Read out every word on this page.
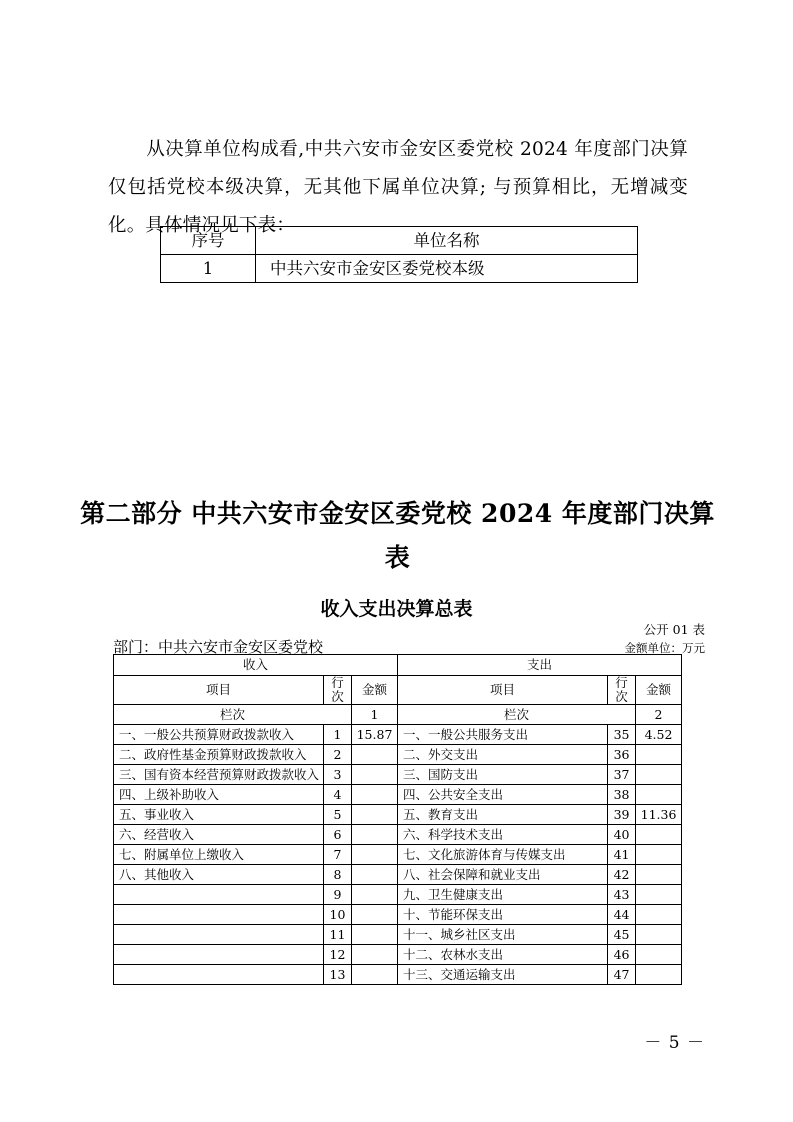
从决算单位构成看,中共六安市金安区委党校 2024 年度部门决算仅包括党校本级决算，无其他下属单位决算; 与预算相比，无增减变化。具体情况见下表：

序号	单位名称
1	中共六安市金安区委党校本级
第二部分 中共六安市金安区委党校 2024 年度部门决算
表
收入支出决算总表
公开 01 表
部门：中共六安市金安区委党校	金额单位：万元
收入			支出		
项目	行次	金额	项目	行次	金额
栏次		1	栏次		2
一、一般公共预算财政拨款收入	1	15.87	一、一般公共服务支出	35	4.52
二、政府性基金预算财政拨款收入	2		二、外交支出	36	
三、国有资本经营预算财政拨款收入	3		三、国防支出	37	
四、上级补助收入	4		四、公共安全支出	38	
五、事业收入	5		五、教育支出	39	11.36
六、经营收入	6		六、科学技术支出	40	
七、附属单位上缴收入	7		七、文化旅游体育与传媒支出	41	
八、其他收入	8		八、社会保障和就业支出	42	
	9		九、卫生健康支出	43	
	10		十、节能环保支出	44	
	11		十一、城乡社区支出	45	
	12		十二、农林水支出	46	
	13		十三、交通运输支出	47	
－ 5 －
